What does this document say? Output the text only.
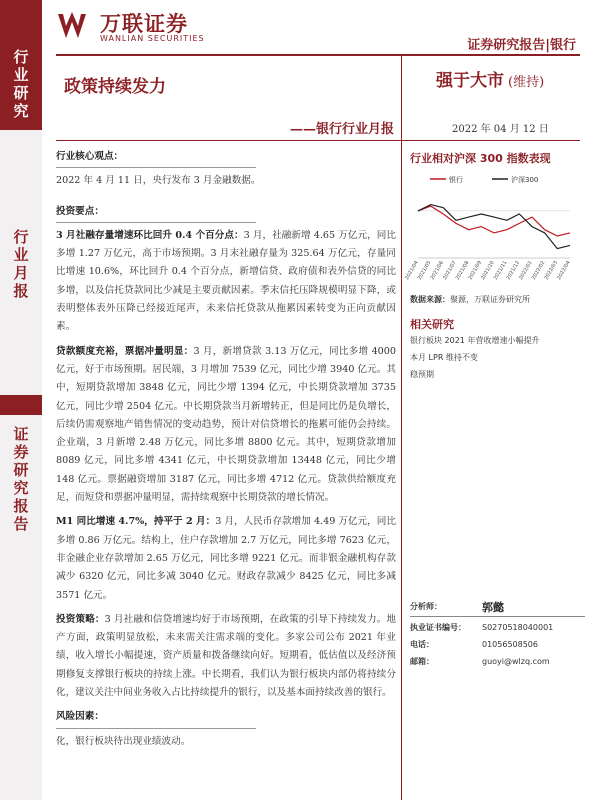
行
业
研
究
行
业
月
报
证
券
研
究
报
告
万联证券
WANLIAN SECURITIES	证券研究报告|银行
政策持续发力
——银行行业月报
强于大市 (维持)
2022 年 04 月 12 日
行业核心观点：
2022 年 4 月 11 日，央行发布 3 月金融数据。
投资要点：
3 月社融存量增速环比回升 0.4 个百分点：3 月，社融新增 4.65 万亿元，同比多增 1.27 万亿元，高于市场预期。3 月末社融存量为 325.64 万亿元，存量同比增速 10.6%，环比回升 0.4 个百分点，新增信贷、政府债和表外信贷的同比多增，以及信托贷款同比少减是主要贡献因素。季末信托压降规模明显下降，或表明整体表外压降已经接近尾声，未来信托贷款从拖累因素转变为正向贡献因素。
贷款额度充裕，票据冲量明显：3 月，新增贷款 3.13 万亿元，同比多增 4000 亿元，好于市场预期。居民端，3 月增加 7539 亿元，同比少增 3940 亿元。其中，短期贷款增加 3848 亿元，同比少增 1394 亿元，中长期贷款增加 3735 亿元，同比少增 2504 亿元。中长期贷款当月新增转正，但是同比仍是负增长，后续仍需观察地产销售情况的变动趋势，预计对信贷增长的拖累可能仍会持续。企业端，3 月新增 2.48 万亿元，同比多增 8800 亿元。其中，短期贷款增加 8089 亿元，同比多增 4341 亿元，中长期贷款增加 13448 亿元，同比少增 148 亿元。票据融资增加 3187 亿元，同比多增 4712 亿元。贷款供给额度充足，而短贷和票据冲量明显，需持续观察中长期贷款的增长情况。
M1 同比增速 4.7%，持平于 2 月：3 月，人民币存款增加 4.49 万亿元，同比多增 0.86 万亿元。结构上，住户存款增加 2.7 万亿元，同比多增 7623 亿元，非金融企业存款增加 2.65 万亿元，同比多增 9221 亿元。而非银金融机构存款减少 6320 亿元，同比多减 3040 亿元。财政存款减少 8425 亿元，同比多减 3571 亿元。
投资策略：3 月社融和信贷增速均好于市场预期，在政策的引导下持续发力。地产方面，政策明显放松，未来需关注需求端的变化。多家公司公布 2021 年业绩，收入增长小幅提速，资产质量和拨备继续向好。短期看，低估值以及经济预期修复支撑银行板块的持续上涨。中长期看，我们认为银行板块内部仍将持续分化，建议关注中间业务收入占比持续提升的银行，以及基本面持续改善的银行。
风险因素：
化，银行板块待出现业绩波动。
行业相对沪深 300 指数表现
银行	沪深300
2021/04
2021/05
2021/06
2021/07
2021/08
2021/09
2021/10
2021/11
2021/12
2022/01
2022/02
2022/03
2022/04
数据来源：聚源，万联证券研究所
相关研究
银行板块 2021 年营收增速小幅提升
本月 LPR 维持不变
稳预期
分析师：	郭懿
执业证书编号：	S0270518040001
电话：	01056508506
邮箱：	guoyi@wlzq.com
